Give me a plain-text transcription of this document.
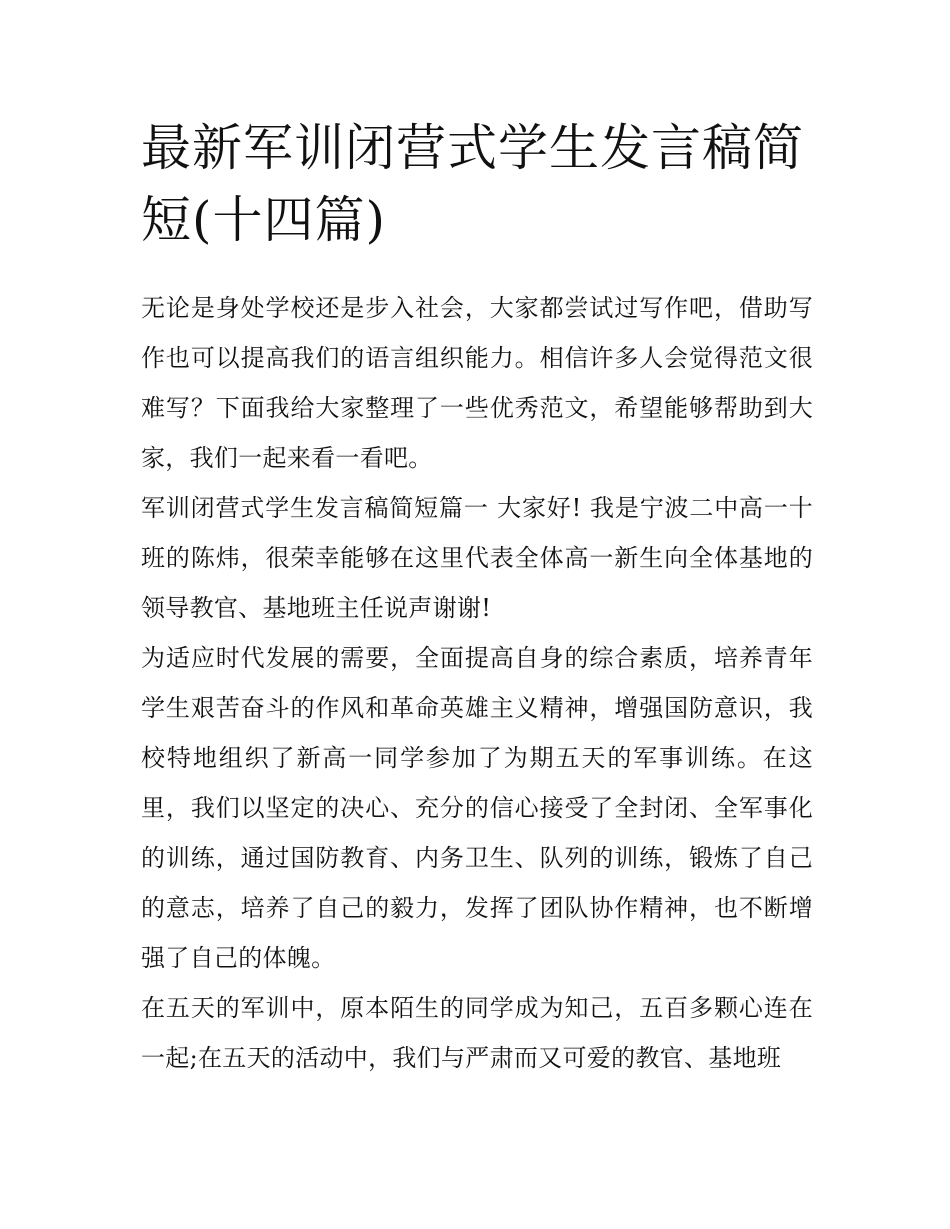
最新军训闭营式学生发言稿简短(十四篇)

无论是身处学校还是步入社会，大家都尝试过写作吧，借助写作也可以提高我们的语言组织能力。相信许多人会觉得范文很难写？下面我给大家整理了一些优秀范文，希望能够帮助到大家，我们一起来看一看吧。

军训闭营式学生发言稿简短篇一 大家好! 我是宁波二中高一十班的陈炜，很荣幸能够在这里代表全体高一新生向全体基地的领导教官、基地班主任说声谢谢!

为适应时代发展的需要，全面提高自身的综合素质，培养青年学生艰苦奋斗的作风和革命英雄主义精神，增强国防意识，我校特地组织了新高一同学参加了为期五天的军事训练。在这里，我们以坚定的决心、充分的信心接受了全封闭、全军事化的训练，通过国防教育、内务卫生、队列的训练，锻炼了自己的意志，培养了自己的毅力，发挥了团队协作精神，也不断增强了自己的体魄。

在五天的军训中，原本陌生的同学成为知己，五百多颗心连在一起;在五天的活动中，我们与严肃而又可爱的教官、基地班
